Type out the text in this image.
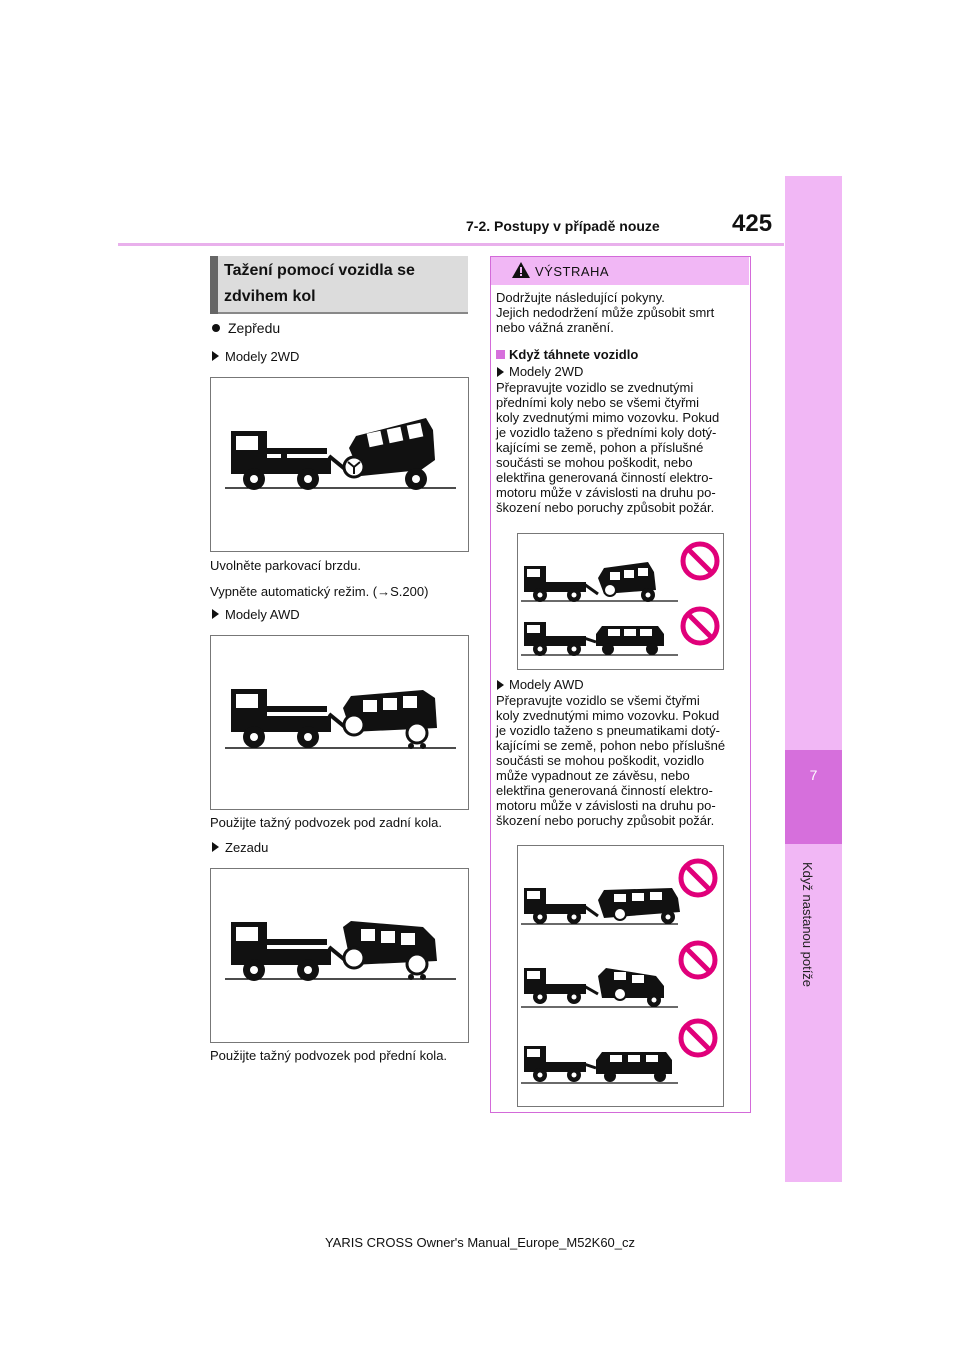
7-2. Postupy v případě nouze	425
7
Když nastanou potíže
Tažení pomocí vozidla se
zdvihem kol
Zepředu
Modely 2WD
Uvolněte parkovací brzdu.
Vypněte automatický režim. (→S.200)
Modely AWD
Použijte tažný podvozek pod zadní kola.
Zezadu
Použijte tažný podvozek pod přední kola.
VÝSTRAHA
Dodržujte následující pokyny.
Jejich nedodržení může způsobit smrt
nebo vážná zranění.
Když táhnete vozidlo
Modely 2WD
Přepravujte vozidlo se zvednutými
předními koly nebo se všemi čtyřmi
koly zvednutými mimo vozovku. Pokud
je vozidlo taženo s předními koly dotý-
kajícími se země, pohon a příslušné
součásti se mohou poškodit, nebo
elektřina generovaná činností elektro-
motoru může v závislosti na druhu po-
škození nebo poruchy způsobit požár.
Modely AWD
Přepravujte vozidlo se všemi čtyřmi
koly zvednutými mimo vozovku. Pokud
je vozidlo taženo s pneumatikami dotý-
kajícími se země, pohon nebo příslušné
součásti se mohou poškodit, vozidlo
může vypadnout ze závěsu, nebo
elektřina generovaná činností elektro-
motoru může v závislosti na druhu po-
škození nebo poruchy způsobit požár.
YARIS CROSS Owner's Manual_Europe_M52K60_cz
